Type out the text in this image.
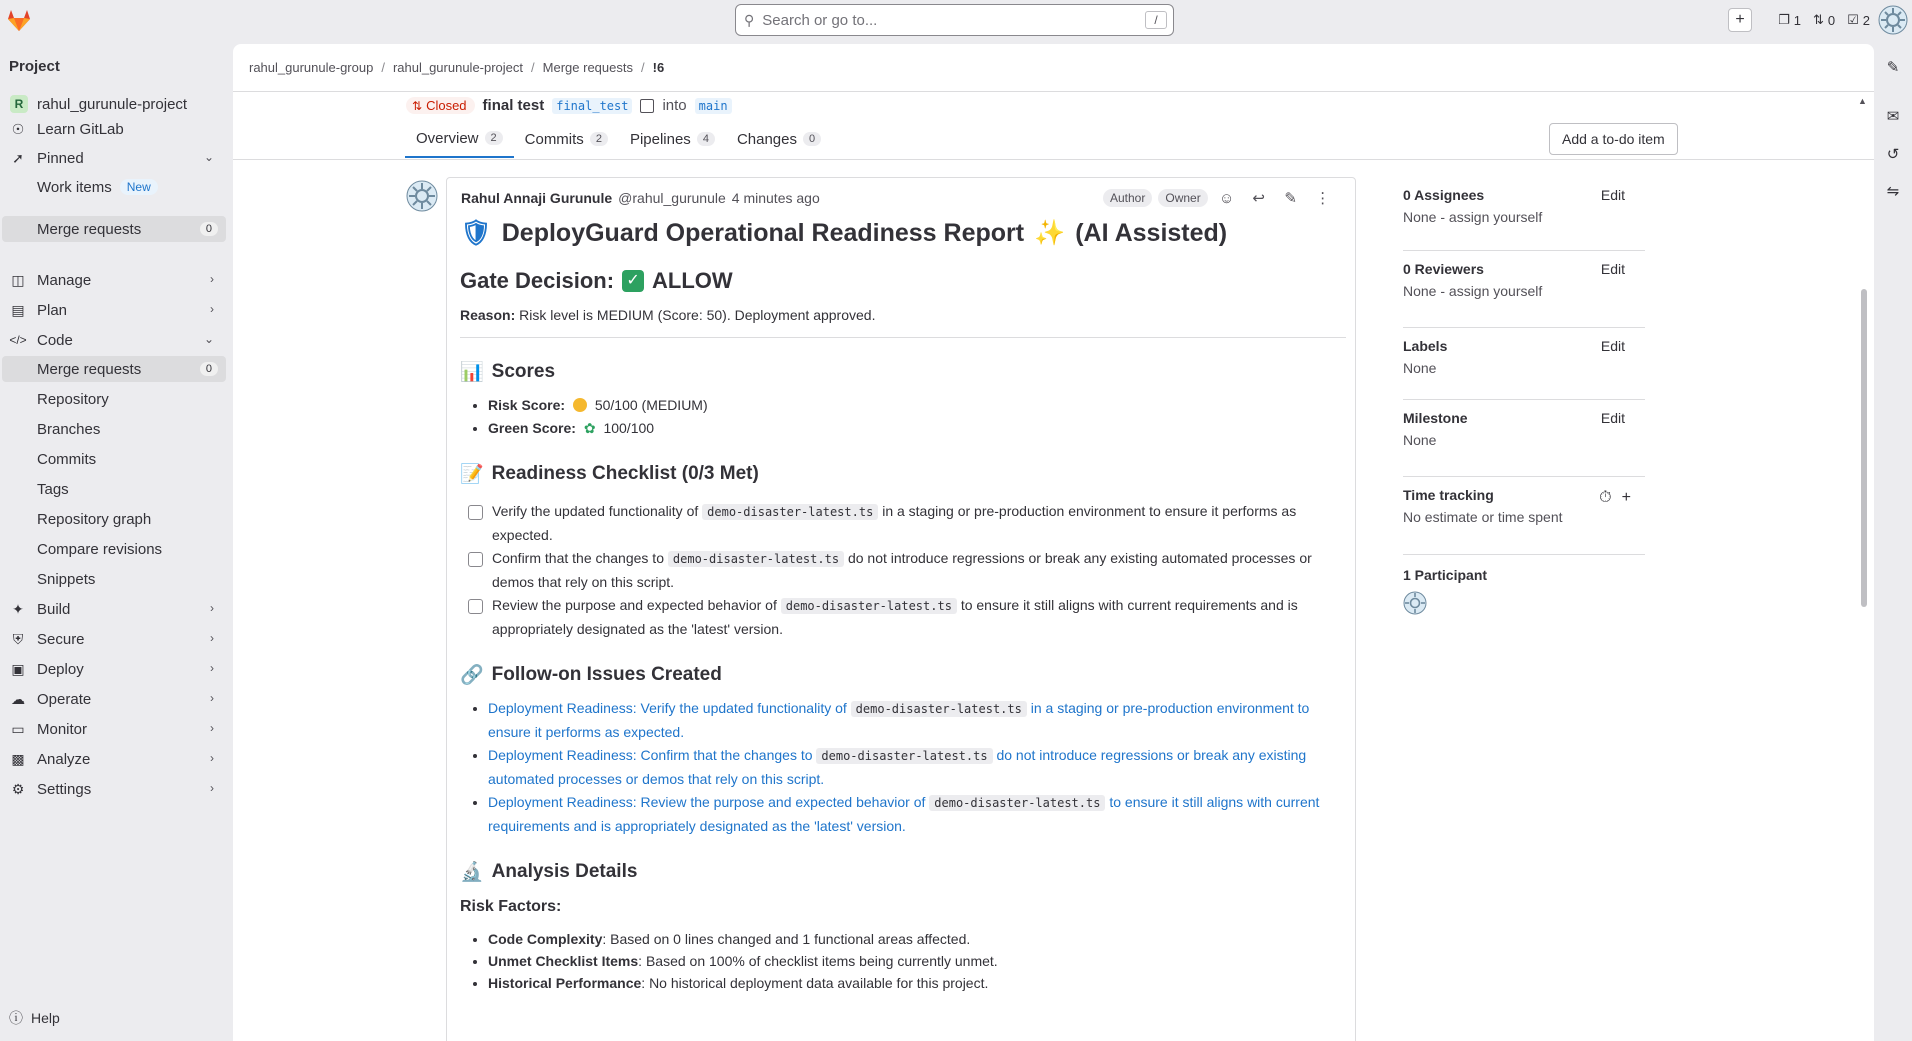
⚲ Search or go to...	/	+	❐ 1 ⇅ 0 ☑ 2
Project
R rahul_gurunule-project
☉ Learn GitLab
➚ Pinned	⌄
Work items	New
Merge requests	0
◫ Manage	›
▤ Plan	›
</> Code	⌄
Merge requests	0
Repository
Branches
Commits
Tags
Repository graph
Compare revisions
Snippets
✦ Build	›
⛨ Secure	›
▣ Deploy	›
☁ Operate	›
▭ Monitor	›
▩ Analyze	›
⚙ Settings	›
ⓘ Help
rahul_gurunule-group / rahul_gurunule-project / Merge requests / !6
⇅ Closed final test	final_test into	main
Overview	2	Commits	2	Pipelines	4	Changes	0	Add a to-do item
Rahul Annaji Gurunule @rahul_gurunule 4 minutes ago	Author	Owner	☺	↩	✎	⋮
🛡 DeployGuard Operational Readiness Report ✨ (AI Assisted)
Gate Decision: ✓ ALLOW

Reason: Risk level is MEDIUM (Score: 50). Deployment approved.

📊 Scores
• Risk Score: 50/100 (MEDIUM)
• Green Score: ✿ 100/100
📝 Readiness Checklist (0/3 Met)
Verify the updated functionality of demo-disaster-latest.ts in a staging or pre-production environment to ensure it performs as expected.
Confirm that the changes to demo-disaster-latest.ts do not introduce regressions or break any existing automated processes or demos that rely on this script.
Review the purpose and expected behavior of demo-disaster-latest.ts to ensure it still aligns with current requirements and is appropriately designated as the 'latest' version.
🔗 Follow-on Issues Created
• Deployment Readiness: Verify the updated functionality of demo-disaster-latest.ts in a staging or pre-production environment to ensure it performs as expected.
• Deployment Readiness: Confirm that the changes to demo-disaster-latest.ts do not introduce regressions or break any existing automated processes or demos that rely on this script.
• Deployment Readiness: Review the purpose and expected behavior of demo-disaster-latest.ts to ensure it still aligns with current requirements and is appropriately designated as the 'latest' version.
🔬 Analysis Details
Risk Factors:
• Code Complexity: Based on 0 lines changed and 1 functional areas affected.
• Unmet Checklist Items: Based on 100% of checklist items being currently unmet.
• Historical Performance: No historical deployment data available for this project.
0 Assignees
None - assign yourself
Edit
0 Reviewers
None - assign yourself
Edit
Labels
None
Edit
Milestone
None
Edit
Time tracking
No estimate or time spent
⏱ +
1 Participant
▲
✎
✉
↺
⇋
